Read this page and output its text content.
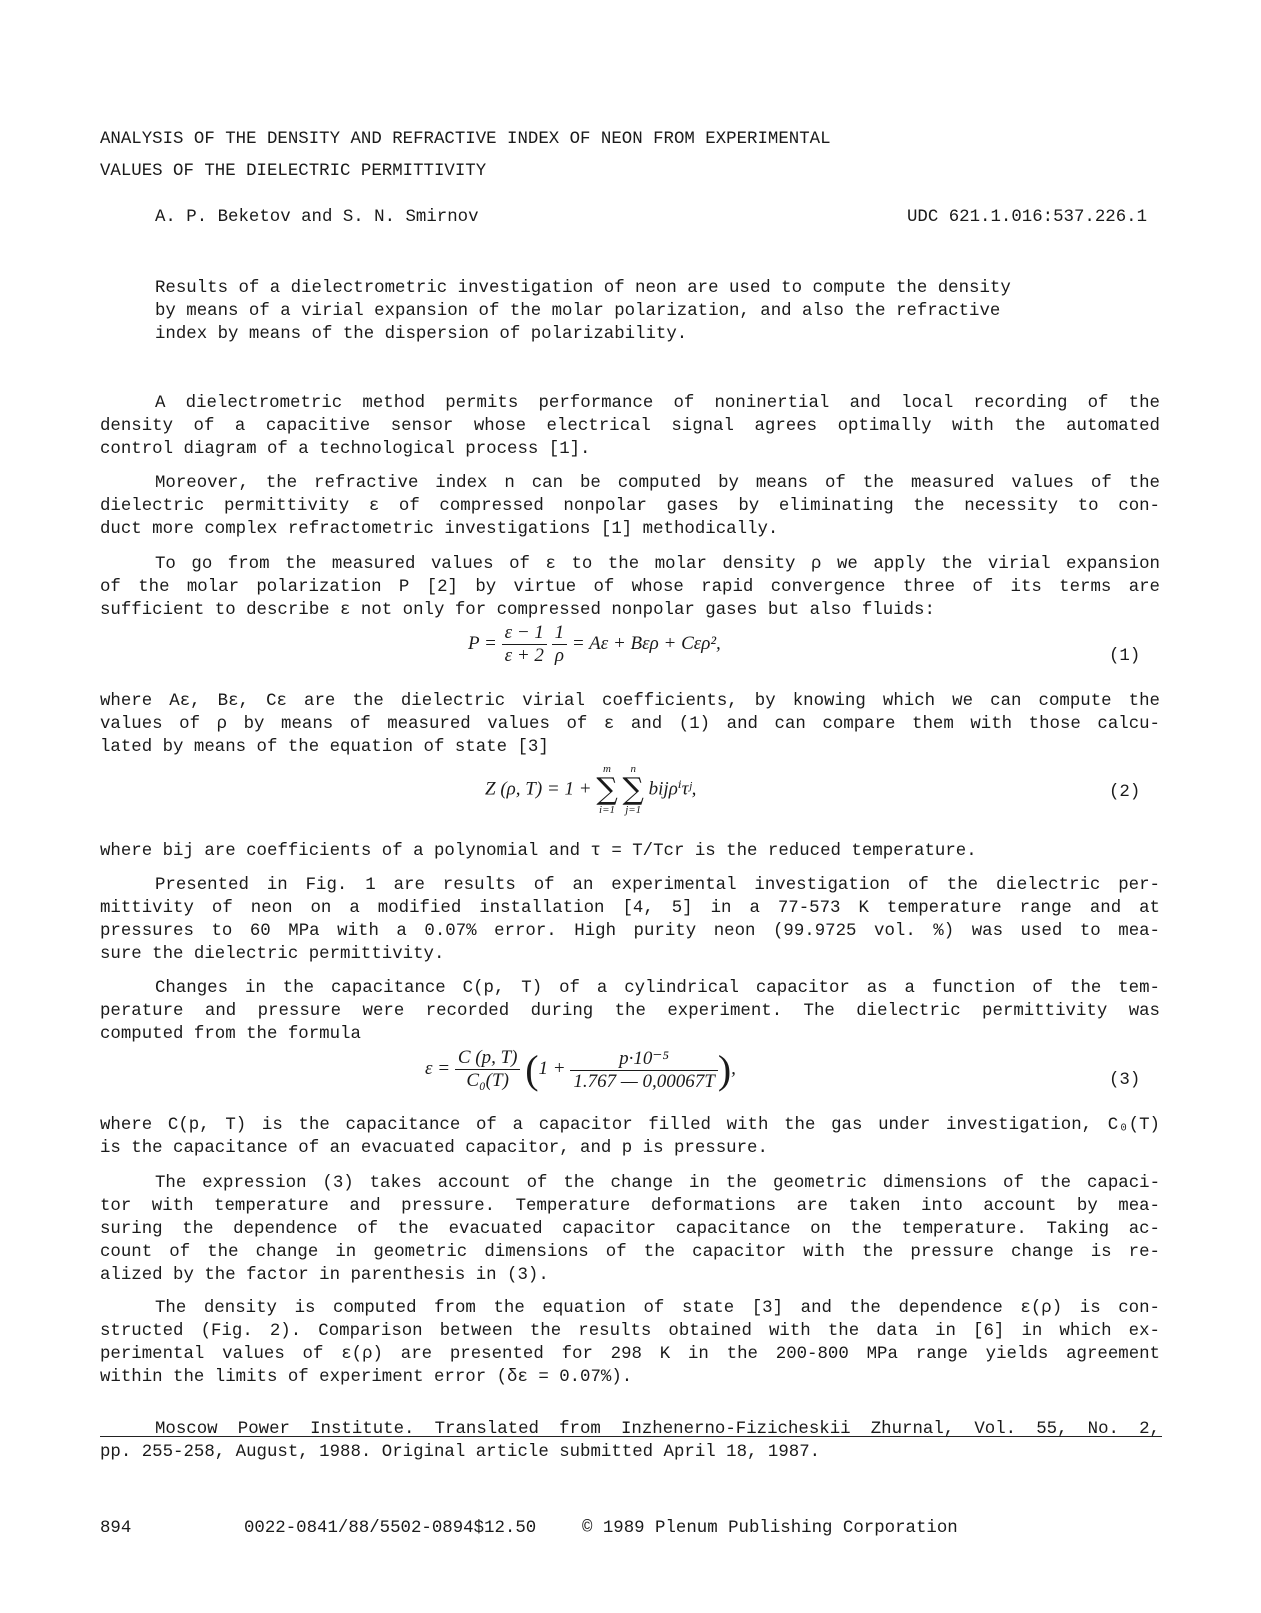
ANALYSIS OF THE DENSITY AND REFRACTIVE INDEX OF NEON FROM EXPERIMENTAL
VALUES OF THE DIELECTRIC PERMITTIVITY
A. P. Beketov and S. N. Smirnov	UDC 621.1.016:537.226.1
Results of a dielectrometric investigation of neon are used to compute the density
by means of a virial expansion of the molar polarization, and also the refractive
index by means of the dispersion of polarizability.
A dielectrometric method permits performance of noninertial and local recording of the
density of a capacitive sensor whose electrical signal agrees optimally with the automated
control diagram of a technological process [1].
Moreover, the refractive index n can be computed by means of the measured values of the
dielectric permittivity ε of compressed nonpolar gases by eliminating the necessity to con-
duct more complex refractometric investigations [1] methodically.
To go from the measured values of ε to the molar density ρ we apply the virial expansion
of the molar polarization P [2] by virtue of whose rapid convergence three of its terms are
sufficient to describe ε not only for compressed nonpolar gases but also fluids:
$P = \frac{\varepsilon - 1}{\varepsilon + 2}$
$\frac{1}{\rho} = A\varepsilon + B\varepsilon\rho + C\varepsilon\rho^2$,
(1)
where Aε, Bε, Cε are the dielectric virial coefficients, by knowing which we can compute the
values of ρ by means of measured values of ε and (1) and can compare them with those calcu-
lated by means of the equation of state [3]
Z (ρ, T) = 1 +
m
∑
i=1

n
∑
j=1
bijρⁱτʲ,	(2)
where bij are coefficients of a polynomial and τ = T/Tcr is the reduced temperature.
Presented in Fig. 1 are results of an experimental investigation of the dielectric per-
mittivity of neon on a modified installation [4, 5] in a 77-573 K temperature range and at
pressures to 60 MPa with a 0.07% error. High purity neon (99.9725 vol. %) was used to mea-
sure the dielectric permittivity.
Changes in the capacitance C(p, T) of a cylindrical capacitor as a function of the tem-
perature and pressure were recorded during the experiment. The dielectric permittivity was
computed from the formula
$\varepsilon = \frac{C (p, T)}{\text{C₀(T)}} (1 + \frac{\text{p·10⁻⁵}}{1.767 — 0,00067T}$ ),
(3)
where C(p, T) is the capacitance of a capacitor filled with the gas under investigation, C₀(T)
is the capacitance of an evacuated capacitor, and p is pressure.
The expression (3) takes account of the change in the geometric dimensions of the capaci-
tor with temperature and pressure. Temperature deformations are taken into account by mea-
suring the dependence of the evacuated capacitor capacitance on the temperature. Taking ac-
count of the change in geometric dimensions of the capacitor with the pressure change is re-
alized by the factor in parenthesis in (3).
The density is computed from the equation of state [3] and the dependence ε(ρ) is con-
structed (Fig. 2). Comparison between the results obtained with the data in [6] in which ex-
perimental values of ε(ρ) are presented for 298 K in the 200-800 MPa range yields agreement
within the limits of experiment error (δε = 0.07%).
Moscow Power Institute. Translated from Inzhenerno-Fizicheskii Zhurnal, Vol. 55, No. 2,
pp. 255-258, August, 1988. Original article submitted April 18, 1987.
894	0022-0841/88/5502-0894$12.50	© 1989 Plenum Publishing Corporation
